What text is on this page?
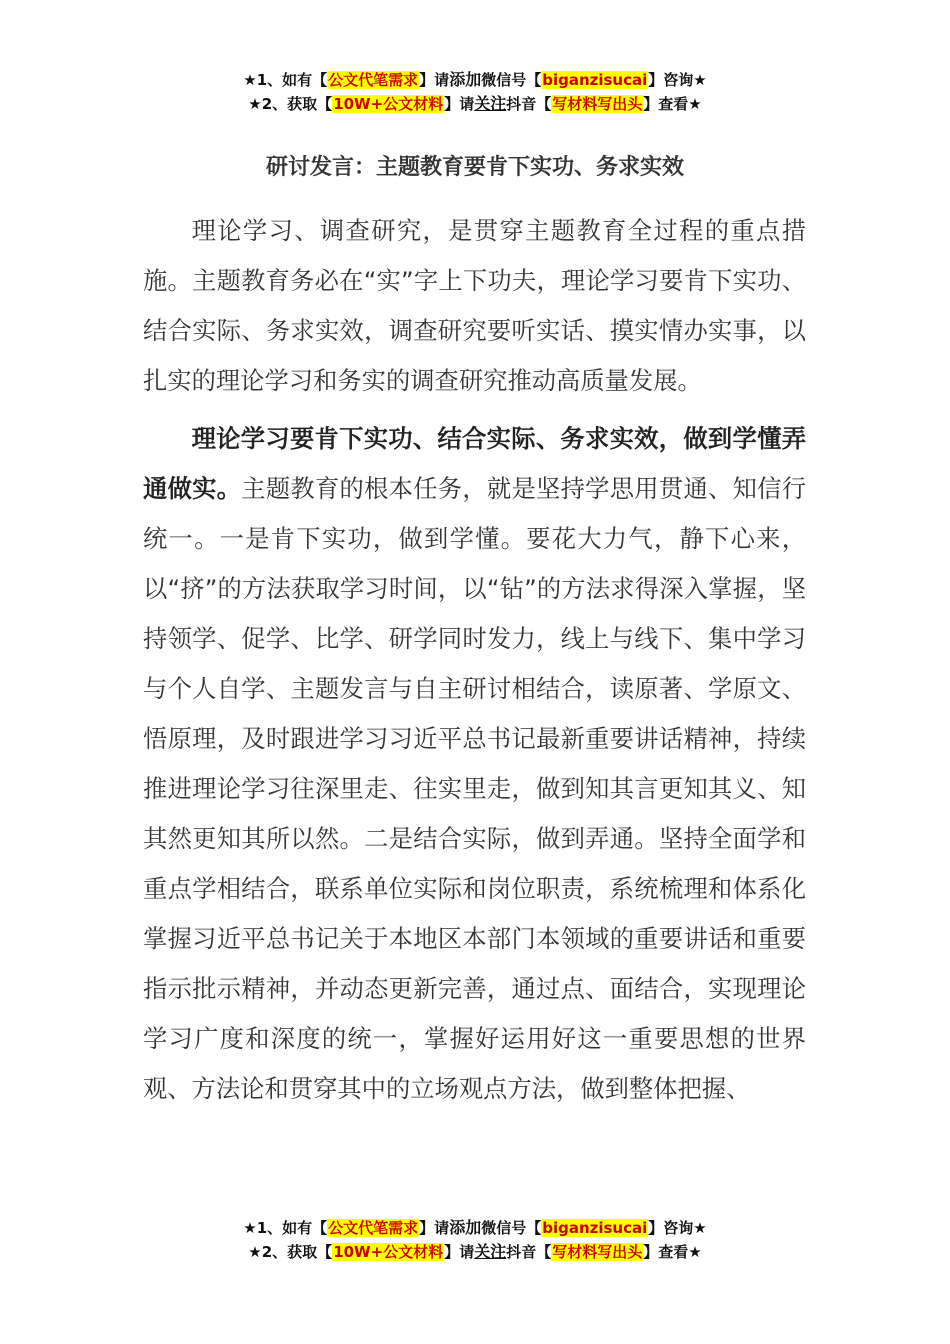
★1、如有【公文代笔需求】请添加微信号【biganzisucai】咨询★
★2、获取【10W+公文材料】请关注抖音【写材料写出头】查看★
研讨发言：主题教育要肯下实功、务求实效

理论学习、调查研究，是贯穿主题教育全过程的重点措施。主题教育务必在“实”字上下功夫，理论学习要肯下实功、结合实际、务求实效，调查研究要听实话、摸实情办实事，以扎实的理论学习和务实的调查研究推动高质量发展。

理论学习要肯下实功、结合实际、务求实效，做到学懂弄通做实。主题教育的根本任务，就是坚持学思用贯通、知信行统一。一是肯下实功，做到学懂。要花大力气，静下心来，以“挤”的方法获取学习时间，以“钻”的方法求得深入掌握，坚持领学、促学、比学、研学同时发力，线上与线下、集中学习与个人自学、主题发言与自主研讨相结合，读原著、学原文、悟原理，及时跟进学习习近平总书记最新重要讲话精神，持续推进理论学习往深里走、往实里走，做到知其言更知其义、知其然更知其所以然。二是结合实际，做到弄通。坚持全面学和重点学相结合，联系单位实际和岗位职责，系统梳理和体系化掌握习近平总书记关于本地区本部门本领域的重要讲话和重要指示批示精神，并动态更新完善，通过点、面结合，实现理论学习广度和深度的统一，掌握好运用好这一重要思想的世界观、方法论和贯穿其中的立场观点方法，做到整体把握、

★1、如有【公文代笔需求】请添加微信号【biganzisucai】咨询★
★2、获取【10W+公文材料】请关注抖音【写材料写出头】查看★
